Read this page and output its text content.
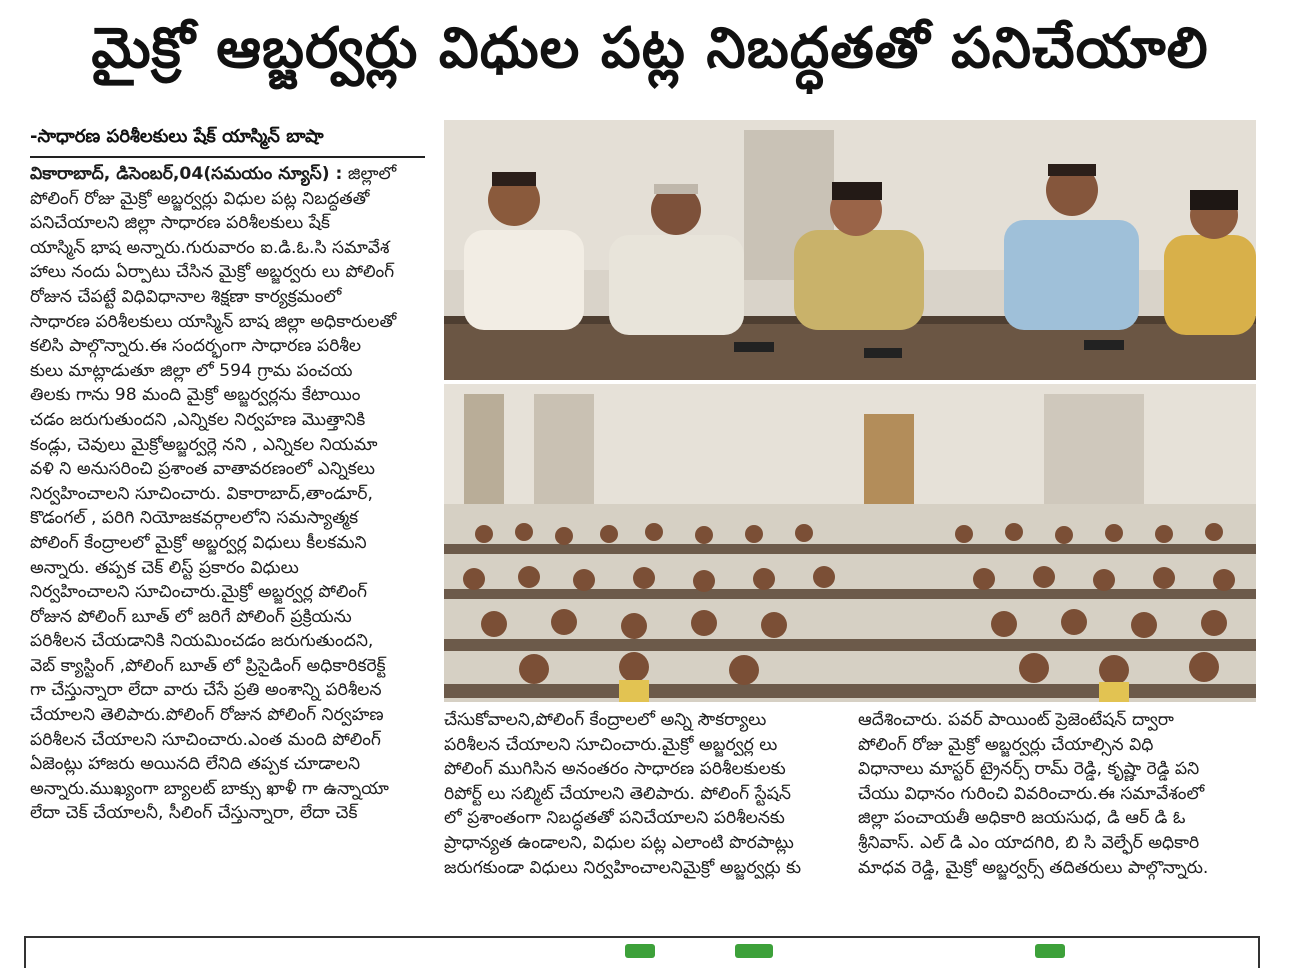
మైక్రో ఆబ్జర్వర్లు విధుల పట్ల నిబద్ధతతో పనిచేయాలి
-సాధారణ పరిశీలకులు షేక్ యాస్మిన్ బాషా
వికారాబాద్, డిసెంబర్,04(సమయం న్యూస్) : జిల్లాలో
పోలింగ్ రోజు మైక్రో అబ్జర్వర్లు విధుల పట్ల నిబద్ధతతో
పనిచేయాలని జిల్లా సాధారణ పరిశీలకులు షేక్
యాస్మిన్ భాష అన్నారు.గురువారం ఐ.డి.ఓ.సి సమావేశ
హాలు నందు ఏర్పాటు చేసిన మైక్రో అబ్జర్వరు లు పోలింగ్
రోజున చేపట్టే విధివిధానాల శిక్షణా కార్యక్రమంలో
సాధారణ పరిశీలకులు యాస్మిన్ బాష జిల్లా అధికారులతో
కలిసి పాల్గొన్నారు.ఈ సందర్భంగా సాధారణ పరిశీల
కులు మాట్లాడుతూ జిల్లా లో 594 గ్రామ పంచయ
తిలకు గాను 98 మంది మైక్రో అబ్జర్వర్లను కేటాయిం
చడం జరుగుతుందని ,ఎన్నికల నిర్వహణ మొత్తానికి
కండ్లు, చెవులు మైక్రోఅబ్జర్వర్లె నని , ఎన్నికల నియమా
వళి ని అనుసరించి ప్రశాంత వాతావరణంలో ఎన్నికలు
నిర్వహించాలని సూచించారు. వికారాబాద్,తాండూర్,
కొడంగల్ , పరిగి నియోజకవర్గాలలోని సమస్యాత్మక
పోలింగ్ కేంద్రాలలో మైక్రో అబ్జర్వర్ల విధులు కీలకమని
అన్నారు. తప్పక చెక్ లిస్ట్ ప్రకారం విధులు
నిర్వహించాలని సూచించారు.మైక్రో అబ్జర్వర్ల పోలింగ్
రోజున పోలింగ్ బూత్ లో జరిగే పోలింగ్ ప్రక్రియను
పరిశీలన చేయడానికి నియమించడం జరుగుతుందని,
వెబ్ క్యాస్టింగ్ ,పోలింగ్ బూత్ లో ప్రిసైడింగ్ అధికారికరెక్ట్
గా చేస్తున్నారా లేదా వారు చేసే ప్రతి అంశాన్ని పరిశీలన
చేయాలని తెలిపారు.పోలింగ్ రోజున పోలింగ్ నిర్వహణ
పరిశీలన చేయాలని సూచించారు.ఎంత మంది పోలింగ్
ఏజెంట్లు హాజరు అయినది లేనిది తప్పక చూడాలని
అన్నారు.ముఖ్యంగా బ్యాలట్ బాక్సు ఖాళీ గా ఉన్నాయా
లేదా చెక్ చేయాలనీ, సీలింగ్ చేస్తున్నారా, లేదా చెక్
చేసుకోవాలని,పోలింగ్ కేంద్రాలలో అన్ని సౌకర్యాలు
పరిశీలన చేయాలని సూచించారు.మైక్రో అబ్జర్వర్ల లు
పోలింగ్ ముగిసిన అనంతరం సాధారణ పరిశీలకులకు
రిపోర్ట్ లు సబ్మిట్ చేయాలని తెలిపారు. పోలింగ్ స్టేషన్
లో ప్రశాంతంగా నిబద్ధతతో పనిచేయాలని పరిశీలనకు
ప్రాధాన్యత ఉండాలని, విధుల పట్ల ఎలాంటి పొరపాట్లు
జరుగకుండా విధులు నిర్వహించాలనిమైక్రో అబ్జర్వర్లు కు
ఆదేశించారు. పవర్ పాయింట్ ప్రెజెంటేషన్ ద్వారా
పోలింగ్ రోజు మైక్రో అబ్జర్వర్లు చేయాల్సిన విధి
విధానాలు మాస్టర్ ట్రైనర్స్ రామ్ రెడ్డి, కృష్ణా రెడ్డి పని
చేయు విధానం గురించి వివరించారు.ఈ సమావేశంలో
జిల్లా పంచాయతీ అధికారి జయసుధ, డి ఆర్ డి ఓ
శ్రీనివాస్. ఎల్ డి ఎం యాదగిరి, బి సి వెల్ఫేర్ అధికారి
మాధవ రెడ్డి, మైక్రో అబ్జర్వర్స్ తదితరులు పాల్గొన్నారు.
